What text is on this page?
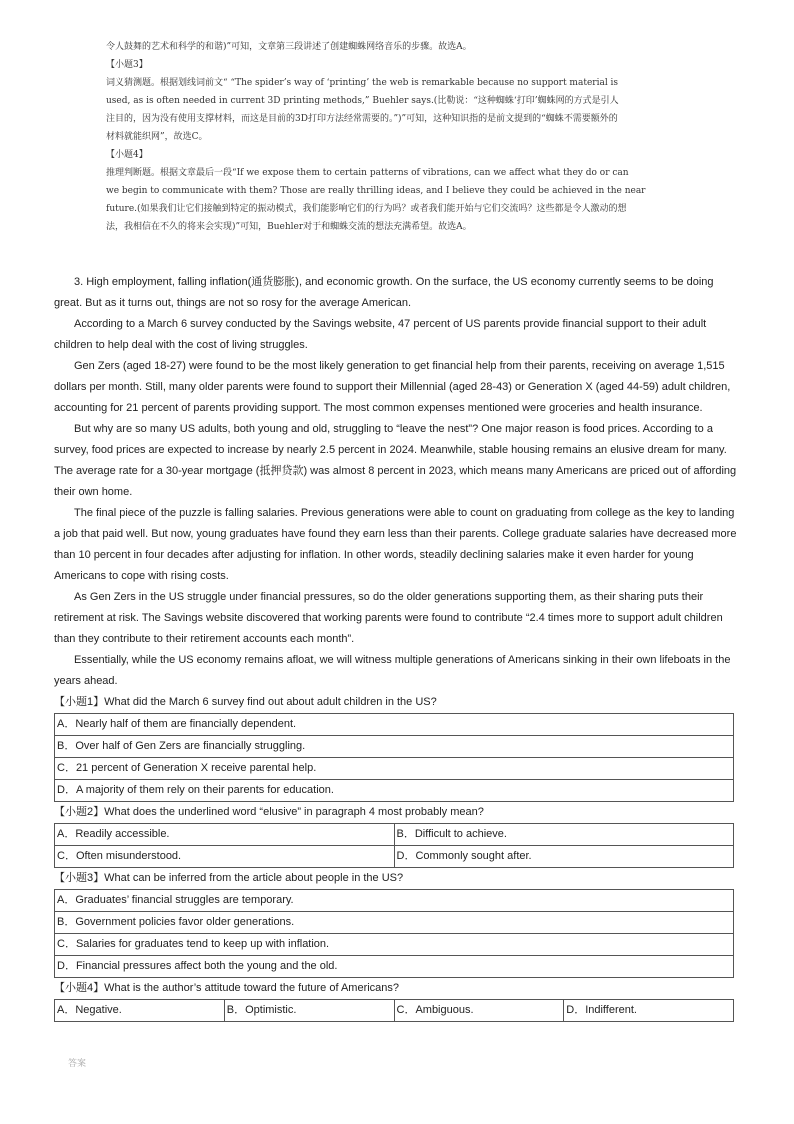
令人鼓舞的艺术和科学的和谐)”可知，文章第三段讲述了创建蜘蛛网络音乐的步骤。故选A。

【小题3】

词义猜测题。根据划线词前文“ “The spider’s way of ‘printing’ the web is remarkable because no support material is

used, as is often needed in current 3D printing methods,” Buehler says.(比勒说：“这种蜘蛛‘打印’蜘蛛网的方式是引人

注目的，因为没有使用支撑材料，而这是目前的3D打印方法经常需要的。”)”可知，这种知识指的是前文提到的“蜘蛛不需要额外的

材料就能织网”，故选C。

【小题4】

推理判断题。根据文章最后一段“If we expose them to certain patterns of vibrations, can we affect what they do or can

we begin to communicate with them? Those are really thrilling ideas, and I believe they could be achieved in the near

future.(如果我们让它们接触到特定的振动模式，我们能影响它们的行为吗？或者我们能开始与它们交流吗？这些都是令人激动的想

法，我相信在不久的将来会实现)”可知，Buehler对于和蜘蛛交流的想法充满希望。故选A。

3. High employment, falling inflation(通货膨胀), and economic growth. On the surface, the US economy currently seems to be doing great. But as it turns out, things are not so rosy for the average American.

According to a March 6 survey conducted by the Savings website, 47 percent of US parents provide financial support to their adult children to help deal with the cost of living struggles.

Gen Zers (aged 18-27) were found to be the most likely generation to get financial help from their parents, receiving on average 1,515 dollars per month. Still, many older parents were found to support their Millennial (aged 28-43) or Generation X (aged 44-59) adult children, accounting for 21 percent of parents providing support. The most common expenses mentioned were groceries and health insurance.

But why are so many US adults, both young and old, struggling to “leave the nest”? One major reason is food prices. According to a survey, food prices are expected to increase by nearly 2.5 percent in 2024. Meanwhile, stable housing remains an elusive dream for many. The average rate for a 30-year mortgage (抵押贷款) was almost 8 percent in 2023, which means many Americans are priced out of affording their own home.

The final piece of the puzzle is falling salaries. Previous generations were able to count on graduating from college as the key to landing a job that paid well. But now, young graduates have found they earn less than their parents. College graduate salaries have decreased more than 10 percent in four decades after adjusting for inflation. In other words, steadily declining salaries make it even harder for young Americans to cope with rising costs.

As Gen Zers in the US struggle under financial pressures, so do the older generations supporting them, as their sharing puts their retirement at risk. The Savings website discovered that working parents were found to contribute “2.4 times more to support adult children than they contribute to their retirement accounts each month”.

Essentially, while the US economy remains afloat, we will witness multiple generations of Americans sinking in their own lifeboats in the years ahead.

【小题1】What did the March 6 survey find out about adult children in the US?
A．Nearly half of them are financially dependent.
B．Over half of Gen Zers are financially struggling.
C．21 percent of Generation X receive parental help.
D．A majority of them rely on their parents for education.
【小题2】What does the underlined word “elusive” in paragraph 4 most probably mean?
A．Readily accessible.	B．Difficult to achieve.
C．Often misunderstood.	D．Commonly sought after.
【小题3】What can be inferred from the article about people in the US?
A．Graduates’ financial struggles are temporary.
B．Government policies favor older generations.
C．Salaries for graduates tend to keep up with inflation.
D．Financial pressures affect both the young and the old.
【小题4】What is the author’s attitude toward the future of Americans?
A．Negative.	B．Optimistic.	C．Ambiguous.	D．Indifferent.
答案
